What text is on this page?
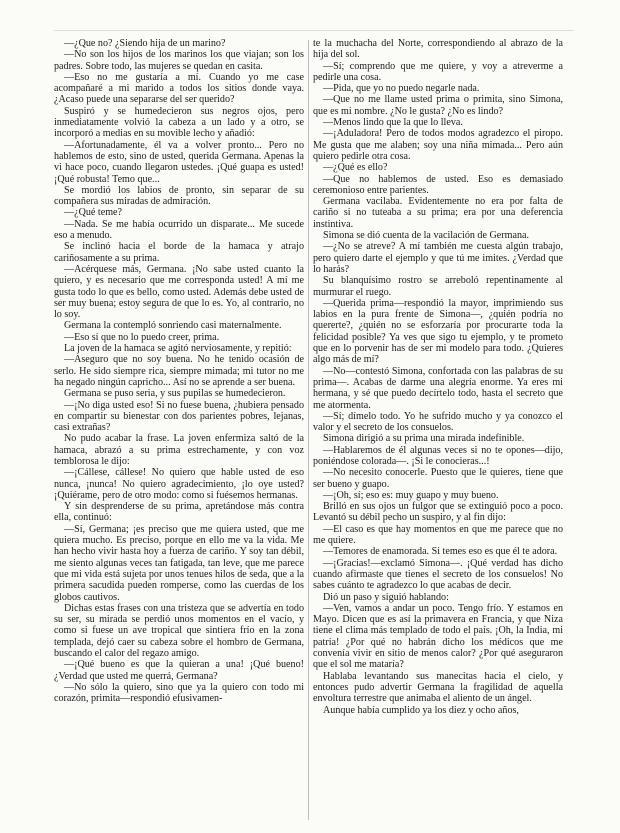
—¿Que no? ¿Siendo hija de un marino?

—No son los hijos de los marinos los que viajan; son los padres. Sobre todo, las mujeres se quedan en casita.

—Eso no me gustaría a mí. Cuando yo me case acompañaré a mi marido a todos los sitios donde vaya. ¿Acaso puede una separarse del ser querido?

Suspiró y se humedecieron sus negros ojos, pero inmediatamente volvió la cabeza a un lado y a otro, se incorporó a medias en su movible lecho y añadió:

—Afortunadamente, él va a volver pronto... Pero no hablemos de esto, sino de usted, querida Germana. Apenas la vi hace poco, cuando llegaron ustedes. ¡Qué guapa es usted! ¡Qué robusta! Temo que...

Se mordió los labios de pronto, sin separar de su compañera sus miradas de admiración.

—¿Qué teme?

—Nada. Se me había ocurrido un disparate... Me sucede eso a menudo.

Se inclinó hacia el borde de la hamaca y atrajo cariñosamente a su prima.

—Acérquese más, Germana. ¡No sabe usted cuanto la quiero, y es necesario que me corresponda usted! A mí me gusta todo lo que es bello, como usted. Además debe usted de ser muy buena; estoy segura de que lo es. Yo, al contrario, no lo soy.

Germana la contempló sonriendo casi maternalmente.

—Eso sí que no lo puedo creer, prima.

La joven de la hamaca se agitó nerviosamente, y repitió:

—Aseguro que no soy buena. No he tenido ocasión de serlo. He sido siempre rica, siempre mimada; mi tutor no me ha negado ningún capricho... Así no se aprende a ser buena.

Germana se puso seria, y sus pupilas se humedecieron.

—¡No diga usted eso! Si no fuese buena, ¿hubiera pensado en compartir su bienestar con dos parientes pobres, lejanas, casi extrañas?

No pudo acabar la frase. La joven enfermiza saltó de la hamaca, abrazó a su prima estrechamente, y con voz temblorosa le dijo:

—¡Cállese, cállese! No quiero que hable usted de eso nunca, ¡nunca! No quiero agradecimiento, ¡lo oye usted? ¡Quiérame, pero de otro modo: como si fuésemos hermanas.

Y sin desprenderse de su prima, apretándose más contra ella, continuó:

—Sí, Germana; ¡es preciso que me quiera usted, que me quiera mucho. Es preciso, porque en ello me va la vida. Me han hecho vivir hasta hoy a fuerza de cariño. Y soy tan débil, me siento algunas veces tan fatigada, tan leve, que me parece que mi vida está sujeta por unos tenues hilos de seda, que a la primera sacudida pueden romperse, como las cuerdas de los globos cautivos.

Dichas estas frases con una tristeza que se advertía en todo su ser, su mirada se perdió unos momentos en el vacío, y como si fuese un ave tropical que sintiera frío en la zona templada, dejó caer su cabeza sobre el hombro de Germana, buscando el calor del regazo amigo.

—¡Qué bueno es que la quieran a una! ¡Qué bueno! ¿Verdad que usted me querrá, Germana?

—No sólo la quiero, sino que ya la quiero con todo mi corazón, primita—respondió efusivamen-

te la muchacha del Norte, correspondiendo al abrazo de la hija del sol.

—Sí; comprendo que me quiere, y voy a atreverme a pedirle una cosa.

—Pida, que yo no puedo negarle nada.

—Que no me llame usted prima o primita, sino Simona, que es mi nombre. ¿No le gusta? ¿No es lindo?

—Menos lindo que la que lo lleva.

—¡Aduladora! Pero de todos modos agradezco el piropo. Me gusta que me alaben; soy una niña mimada... Pero aún quiero pedirle otra cosa.

—¿Qué es ello?

—Que no hablemos de usted. Eso es demasiado ceremonioso entre parientes.

Germana vacilaba. Evidentemente no era por falta de cariño si no tuteaba a su prima; era por una deferencia instintiva.

Simona se dió cuenta de la vacilación de Germana.

—¿No se atreve? A mí también me cuesta algún trabajo, pero quiero darte el ejemplo y que tú me imites. ¿Verdad que lo harás?

Su blanquísimo rostro se arreboló repentinamente al murmurar el ruego.

—Querida prima—respondió la mayor, imprimiendo sus labios en la pura frente de Simona—, ¿quién podría no quererte?, ¿quién no se esforzaría por procurarte toda la felicidad posible? Ya ves que sigo tu ejemplo, y te prometo que en lo porvenir has de ser mi modelo para todo. ¿Quieres algo más de mí?

—No—contestó Simona, confortada con las palabras de su prima—. Acabas de darme una alegría enorme. Ya eres mi hermana, y sé que puedo decírtelo todo, hasta el secreto que me atormenta.

—Sí; dímelo todo. Yo he sufrido mucho y ya conozco el valor y el secreto de los consuelos.

Simona dirigió a su prima una mirada indefinible.

—Hablaremos de él algunas veces si no te opones—dijo, poniéndose colorada—. ¡Si le conocieras...!

—No necesito conocerle. Puesto que le quieres, tiene que ser bueno y guapo.

—¡Oh, sí; eso es: muy guapo y muy bueno.

Brilló en sus ojos un fulgor que se extinguió poco a poco. Levantó su débil pecho un suspiro, y al fin dijo:

—El caso es que hay momentos en que me parece que no me quiere.

—Temores de enamorada. Si temes eso es que él te adora.

—¡Gracias!—exclamó Simona—. ¡Qué verdad has dicho cuando afirmaste que tienes el secreto de los consuelos! No sabes cuánto te agradezco lo que acabas de decir.

Dió un paso y siguió hablando:

—Ven, vamos a andar un poco. Tengo frío. Y estamos en Mayo. Dicen que es así la primavera en Francia, y que Niza tiene el clima más templado de todo el país. ¡Oh, la India, mi patria! ¿Por qué no habrán dicho los médicos que me convenía vivir en sitio de menos calor? ¿Por qué aseguraron que el sol me mataría?

Hablaba levantando sus manecitas hacia el cielo, y entonces pudo advertir Germana la fragilidad de aquella envoltura terrestre que animaba el aliento de un ángel.

Aunque había cumplido ya los diez y ocho años,
